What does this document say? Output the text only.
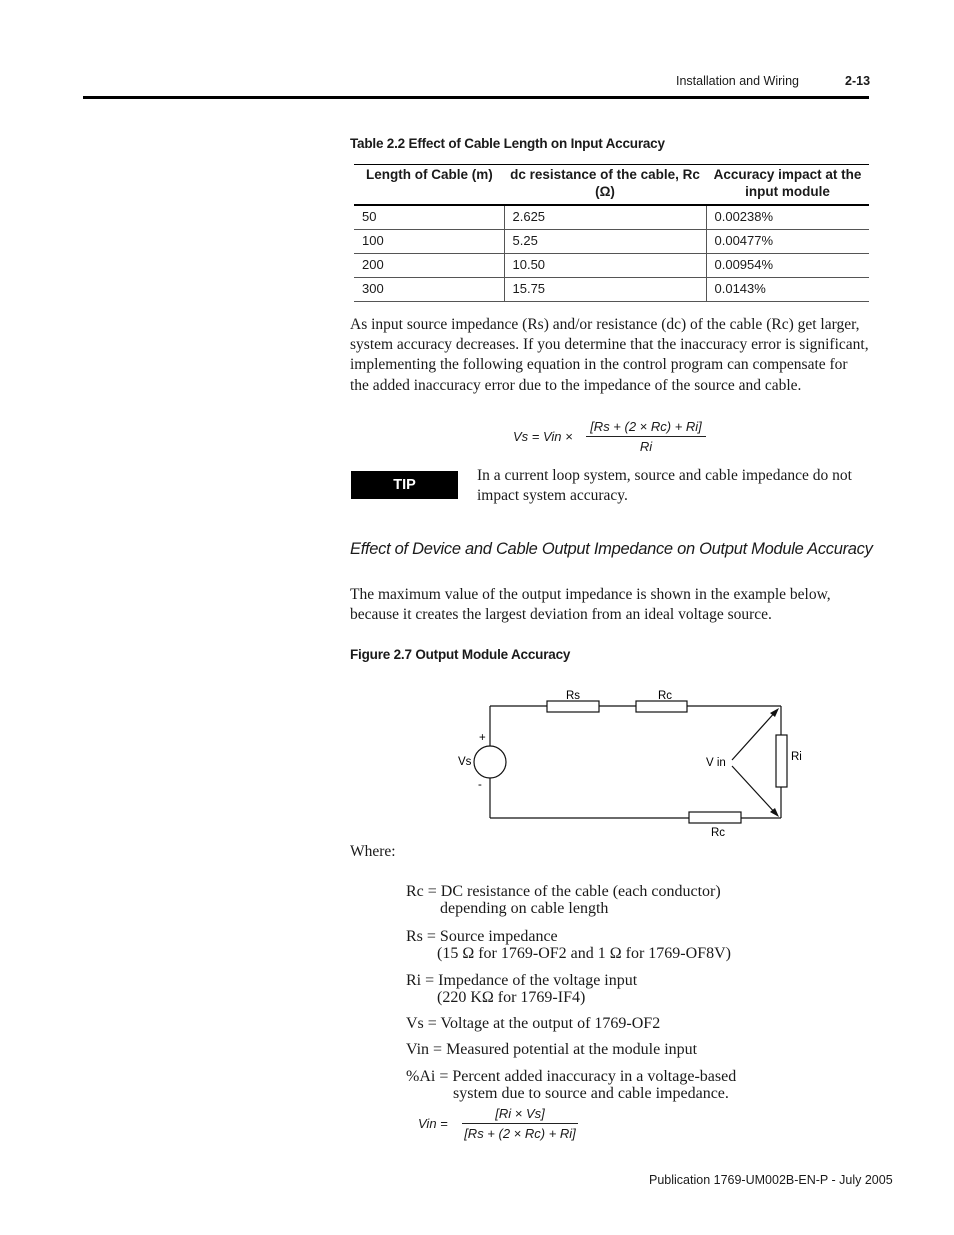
Installation and Wiring	2-13
Table 2.2 Effect of Cable Length on Input Accuracy
Length of Cable (m)	dc resistance of the cable, Rc (Ω)	Accuracy impact at the input module
50	2.625	0.00238%
100	5.25	0.00477%
200	10.50	0.00954%
300	15.75	0.0143%
As input source impedance (Rs) and/or resistance (dc) of the cable (Rc) get larger, system accuracy decreases. If you determine that the inaccuracy error is significant, implementing the following equation in the control program can compensate for the added inaccuracy error due to the impedance of the source and cable.
Vs = Vin ×
[Rs + (2 × Rc) + Ri]
Ri
TIP
In a current loop system, source and cable impedance do not impact system accuracy.
Effect of Device and Cable Output Impedance on Output Module Accuracy
The maximum value of the output impedance is shown in the example below, because it creates the largest deviation from an ideal voltage source.
Figure 2.7 Output Module Accuracy
Rs	Rc
Rc
Ri
Vs	V in
+
-
Where:
Rc = DC resistance of the cable (each conductor)
depending on cable length
Rs = Source impedance
(15 Ω for 1769-OF2 and 1 Ω for 1769-OF8V)
Ri = Impedance of the voltage input
(220 KΩ for 1769-IF4)
Vs = Voltage at the output of 1769-OF2
Vin = Measured potential at the module input
%Ai = Percent added inaccuracy in a voltage-based
system due to source and cable impedance.
Vin =
[Ri × Vs]
[Rs + (2 × Rc) + Ri]
Publication 1769-UM002B-EN-P - July 2005
